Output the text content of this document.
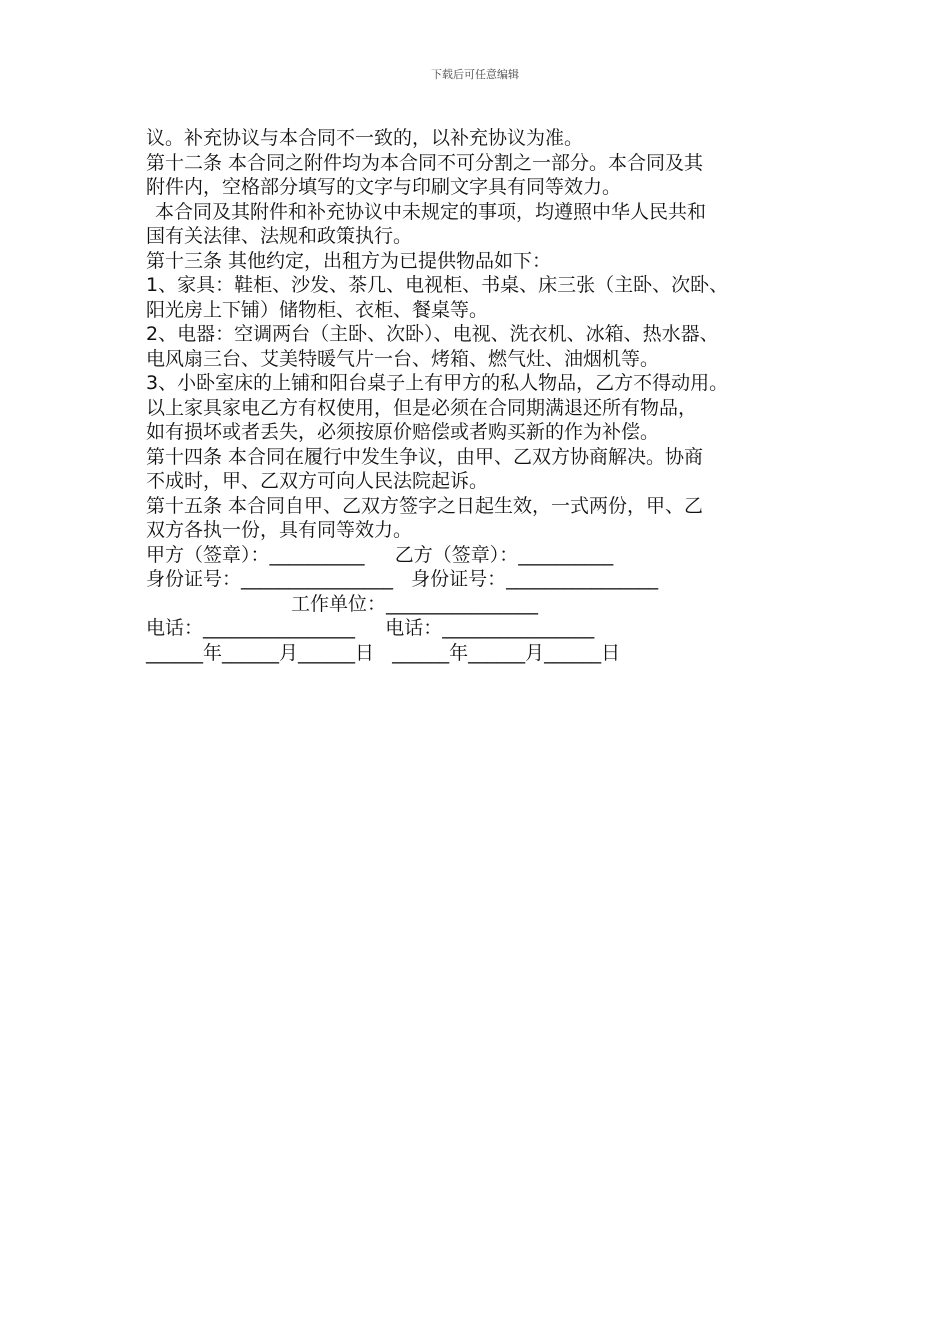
下载后可任意编辑

议。补充协议与本合同不一致的，以补充协议为准。

第十二条 本合同之附件均为本合同不可分割之一部分。本合同及其

附件内，空格部分填写的文字与印刷文字具有同等效力。

本合同及其附件和补充协议中未规定的事项，均遵照中华人民共和

国有关法律、法规和政策执行。

第十三条 其他约定，出租方为已提供物品如下：

1、家具：鞋柜、沙发、茶几、电视柜、书桌、床三张（主卧、次卧、

阳光房上下铺）储物柜、衣柜、餐桌等。

2、电器：空调两台（主卧、次卧）、电视、洗衣机、冰箱、热水器、

电风扇三台、艾美特暖气片一台、烤箱、燃气灶、油烟机等。

3、小卧室床的上铺和阳台桌子上有甲方的私人物品，乙方不得动用。

以上家具家电乙方有权使用，但是必须在合同期满退还所有物品，

如有损坏或者丢失，必须按原价赔偿或者购买新的作为补偿。

第十四条 本合同在履行中发生争议，由甲、乙双方协商解决。协商

不成时，甲、乙双方可向人民法院起诉。

第十五条 本合同自甲、乙双方签字之日起生效，一式两份，甲、乙

双方各执一份，具有同等效力。

甲方（签章）：__________     乙方（签章）：__________

身份证号：________________   身份证号：________________

工作单位：________________

电话：________________     电话：________________

______年______月______日   ______年______月______日
